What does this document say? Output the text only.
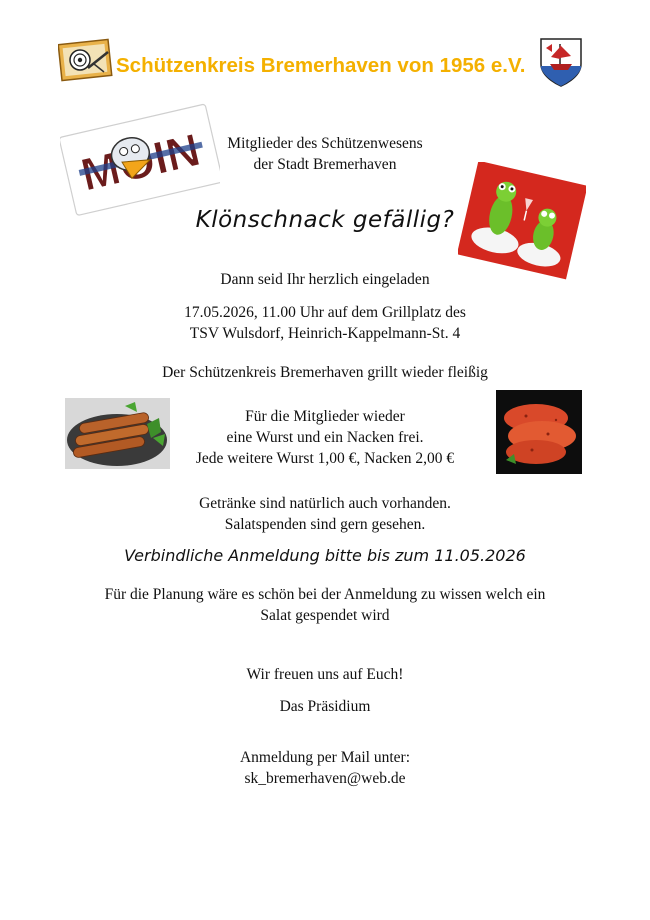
Schützenkreis Bremerhaven von 1956 e.V.
Mitglieder des Schützenwesens
der Stadt Bremerhaven
Klönschnack gefällig?
Dann seid Ihr herzlich eingeladen
17.05.2026, 11.00 Uhr auf dem Grillplatz des
TSV Wulsdorf, Heinrich-Kappelmann-St. 4
Der Schützenkreis Bremerhaven grillt wieder fleißig
Für die Mitglieder wieder
eine Wurst und ein Nacken frei.
Jede weitere Wurst 1,00 €, Nacken 2,00 €
Getränke sind natürlich auch vorhanden.
Salatspenden sind gern gesehen.
Verbindliche Anmeldung bitte bis zum 11.05.2026
Für die Planung wäre es schön bei der Anmeldung zu wissen welch ein
Salat gespendet wird
Wir freuen uns auf Euch!
Das Präsidium
Anmeldung per Mail unter:
sk_bremerhaven@web.de
